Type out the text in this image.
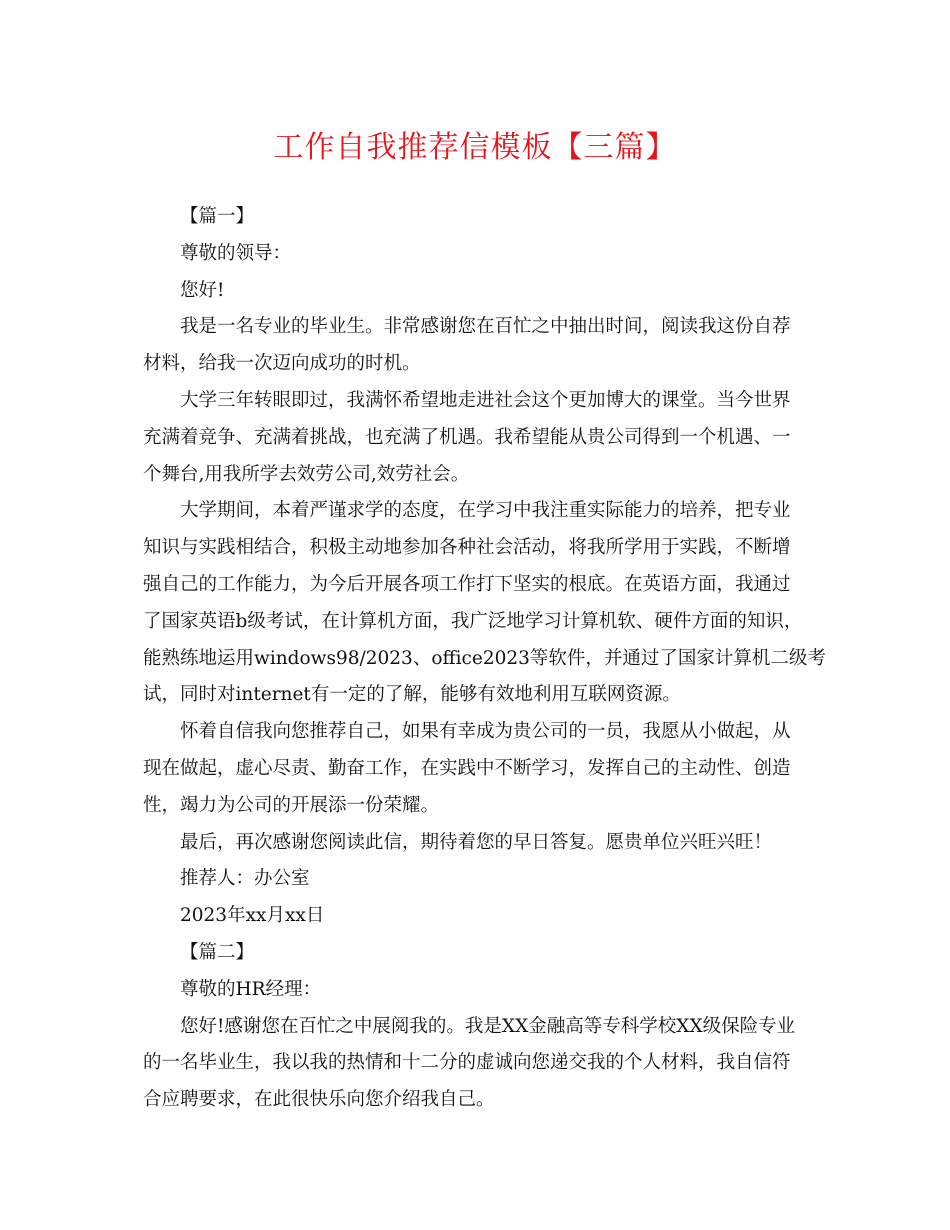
工作自我推荐信模板【三篇】
【篇一】
尊敬的领导：
您好!
我是一名专业的毕业生。非常感谢您在百忙之中抽出时间，阅读我这份自荐
材料，给我一次迈向成功的时机。
大学三年转眼即过，我满怀希望地走进社会这个更加博大的课堂。当今世界
充满着竞争、充满着挑战，也充满了机遇。我希望能从贵公司得到一个机遇、一
个舞台,用我所学去效劳公司,效劳社会。
大学期间，本着严谨求学的态度，在学习中我注重实际能力的培养，把专业
知识与实践相结合，积极主动地参加各种社会活动，将我所学用于实践，不断增
强自己的工作能力，为今后开展各项工作打下坚实的根底。在英语方面，我通过
了国家英语b级考试，在计算机方面，我广泛地学习计算机软、硬件方面的知识，
能熟练地运用windows98/2023、office2023等软件，并通过了国家计算机二级考
试，同时对internet有一定的了解，能够有效地利用互联网资源。
怀着自信我向您推荐自己，如果有幸成为贵公司的一员，我愿从小做起，从
现在做起，虚心尽责、勤奋工作，在实践中不断学习，发挥自己的主动性、创造
性，竭力为公司的开展添一份荣耀。
最后，再次感谢您阅读此信，期待着您的早日答复。愿贵单位兴旺兴旺！
推荐人：办公室
2023年xx月xx日
【篇二】
尊敬的HR经理：
您好!感谢您在百忙之中展阅我的。我是XX金融高等专科学校XX级保险专业
的一名毕业生，我以我的热情和十二分的虚诚向您递交我的个人材料，我自信符
合应聘要求，在此很快乐向您介绍我自己。
